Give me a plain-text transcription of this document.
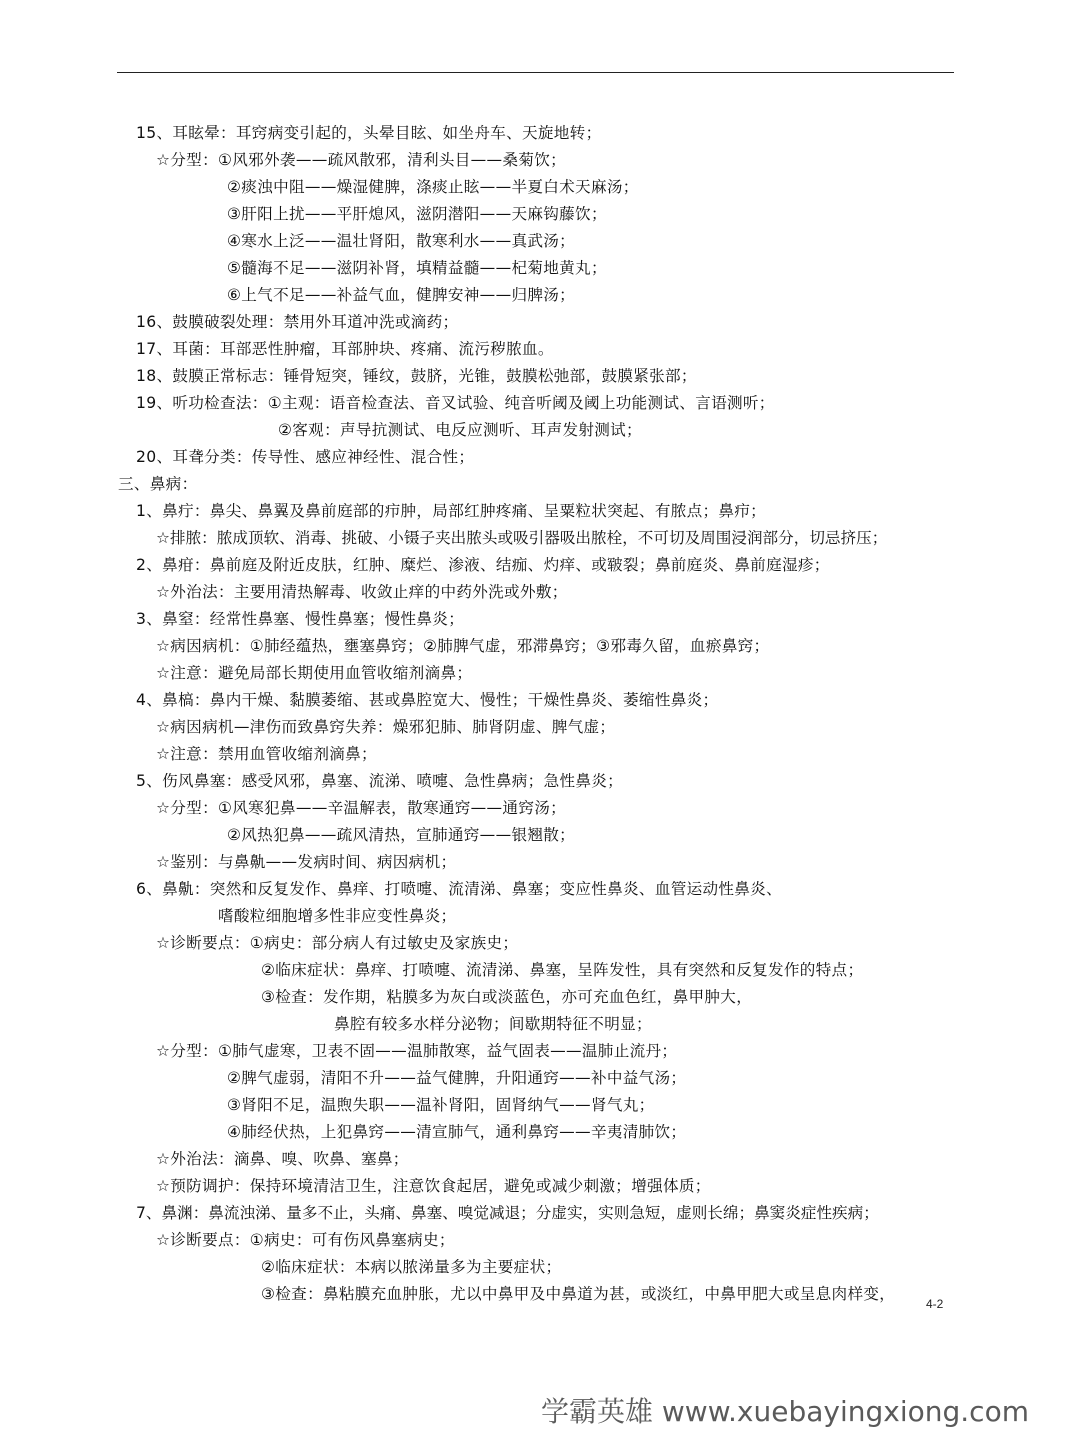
15、耳眩晕：耳窍病变引起的，头晕目眩、如坐舟车、天旋地转；
☆分型：①风邪外袭——疏风散邪，清利头目——桑菊饮；
②痰浊中阻——燥湿健脾，涤痰止眩——半夏白术天麻汤；
③肝阳上扰——平肝熄风，滋阴潜阳——天麻钩藤饮；
④寒水上泛——温壮肾阳，散寒利水——真武汤；
⑤髓海不足——滋阴补肾，填精益髓——杞菊地黄丸；
⑥上气不足——补益气血，健脾安神——归脾汤；
16、鼓膜破裂处理：禁用外耳道冲洗或滴药；
17、耳菌：耳部恶性肿瘤，耳部肿块、疼痛、流污秽脓血。
18、鼓膜正常标志：锤骨短突，锤纹，鼓脐，光锥，鼓膜松弛部，鼓膜紧张部；
19、听功检查法：①主观：语音检查法、音叉试验、纯音听阈及阈上功能测试、言语测听；
②客观：声导抗测试、电反应测听、耳声发射测试；
20、耳聋分类：传导性、感应神经性、混合性；
三、鼻病：
1、鼻疔：鼻尖、鼻翼及鼻前庭部的疖肿，局部红肿疼痛、呈粟粒状突起、有脓点；鼻疖；
☆排脓：脓成顶软、消毒、挑破、小镊子夹出脓头或吸引器吸出脓栓，不可切及周围浸润部分，切忌挤压；
2、鼻疳：鼻前庭及附近皮肤，红肿、糜烂、渗液、结痂、灼痒、或皲裂；鼻前庭炎、鼻前庭湿疹；
☆外治法：主要用清热解毒、收敛止痒的中药外洗或外敷；
3、鼻窒：经常性鼻塞、慢性鼻塞；慢性鼻炎；
☆病因病机：①肺经蕴热，壅塞鼻窍；②肺脾气虚，邪滞鼻窍；③邪毒久留，血瘀鼻窍；
☆注意：避免局部长期使用血管收缩剂滴鼻；
4、鼻槁：鼻内干燥、黏膜萎缩、甚或鼻腔宽大、慢性；干燥性鼻炎、萎缩性鼻炎；
☆病因病机—津伤而致鼻窍失养：燥邪犯肺、肺肾阴虚、脾气虚；
☆注意：禁用血管收缩剂滴鼻；
5、伤风鼻塞：感受风邪，鼻塞、流涕、喷嚏、急性鼻病；急性鼻炎；
☆分型：①风寒犯鼻——辛温解表，散寒通窍——通窍汤；
②风热犯鼻——疏风清热，宣肺通窍——银翘散；
☆鉴别：与鼻鼽——发病时间、病因病机；
6、鼻鼽：突然和反复发作、鼻痒、打喷嚏、流清涕、鼻塞；变应性鼻炎、血管运动性鼻炎、
嗜酸粒细胞增多性非应变性鼻炎；
☆诊断要点：①病史：部分病人有过敏史及家族史；
②临床症状：鼻痒、打喷嚏、流清涕、鼻塞，呈阵发性，具有突然和反复发作的特点；
③检查：发作期，粘膜多为灰白或淡蓝色，亦可充血色红，鼻甲肿大，
鼻腔有较多水样分泌物；间歇期特征不明显；
☆分型：①肺气虚寒，卫表不固——温肺散寒，益气固表——温肺止流丹；
②脾气虚弱，清阳不升——益气健脾，升阳通窍——补中益气汤；
③肾阳不足，温煦失职——温补肾阳，固肾纳气——肾气丸；
④肺经伏热，上犯鼻窍——清宣肺气，通利鼻窍——辛夷清肺饮；
☆外治法：滴鼻、嗅、吹鼻、塞鼻；
☆预防调护：保持环境清洁卫生，注意饮食起居，避免或减少刺激；增强体质；
7、鼻渊：鼻流浊涕、量多不止，头痛、鼻塞、嗅觉减退；分虚实，实则急短，虚则长绵；鼻窦炎症性疾病；
☆诊断要点：①病史：可有伤风鼻塞病史；
②临床症状：本病以脓涕量多为主要症状；
③检查：鼻粘膜充血肿胀，尤以中鼻甲及中鼻道为甚，或淡红，中鼻甲肥大或呈息肉样变，
4-2
学霸英雄 www.xuebayingxiong.com
